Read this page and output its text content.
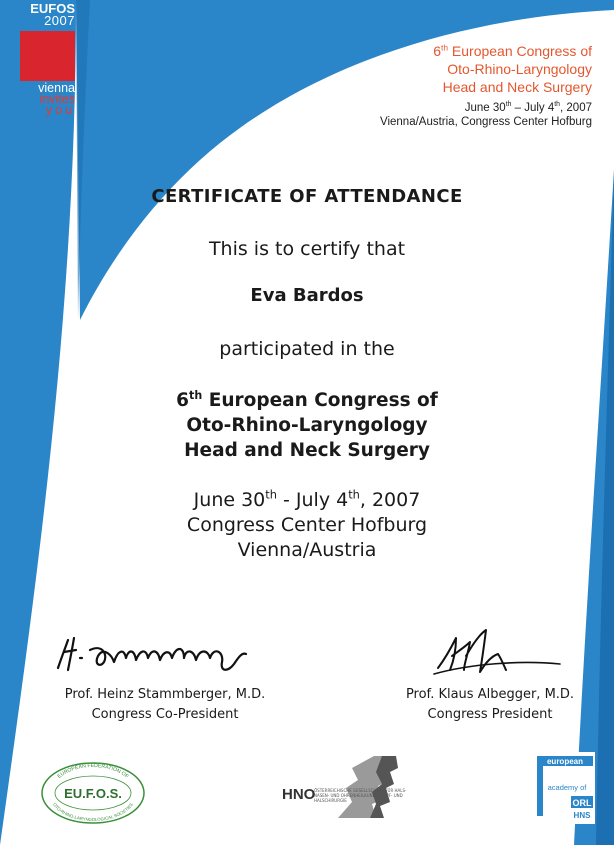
EUFOS
2007
vienna
invites
you
6th European Congress of
Oto-Rhino-Laryngology
Head and Neck Surgery
June 30th – July 4th, 2007
Vienna/Austria, Congress Center Hofburg
CERTIFICATE OF ATTENDANCE
This is to certify that
Eva Bardos
participated in the
6th European Congress of
Oto-Rhino-Laryngology
Head and Neck Surgery
June 30th - July 4th, 2007
Congress Center Hofburg
Vienna/Austria
Prof. Heinz Stammberger, M.D.
Congress Co-President
Prof. Klaus Albegger, M.D.
Congress President
EUROPEAN FEDERATION OF
OTO-RHINO-LARYNGOLOGICAL SOCIETIES
EU.F.O.S.	HNO
ÖSTERREICHISCHE GESELLSCHAFT FÜR HALS-NASEN- UND OHRENHEILKUNDE, KOPF- UND HALSCHIRURGIE
european
academy of
ORL
HNS
